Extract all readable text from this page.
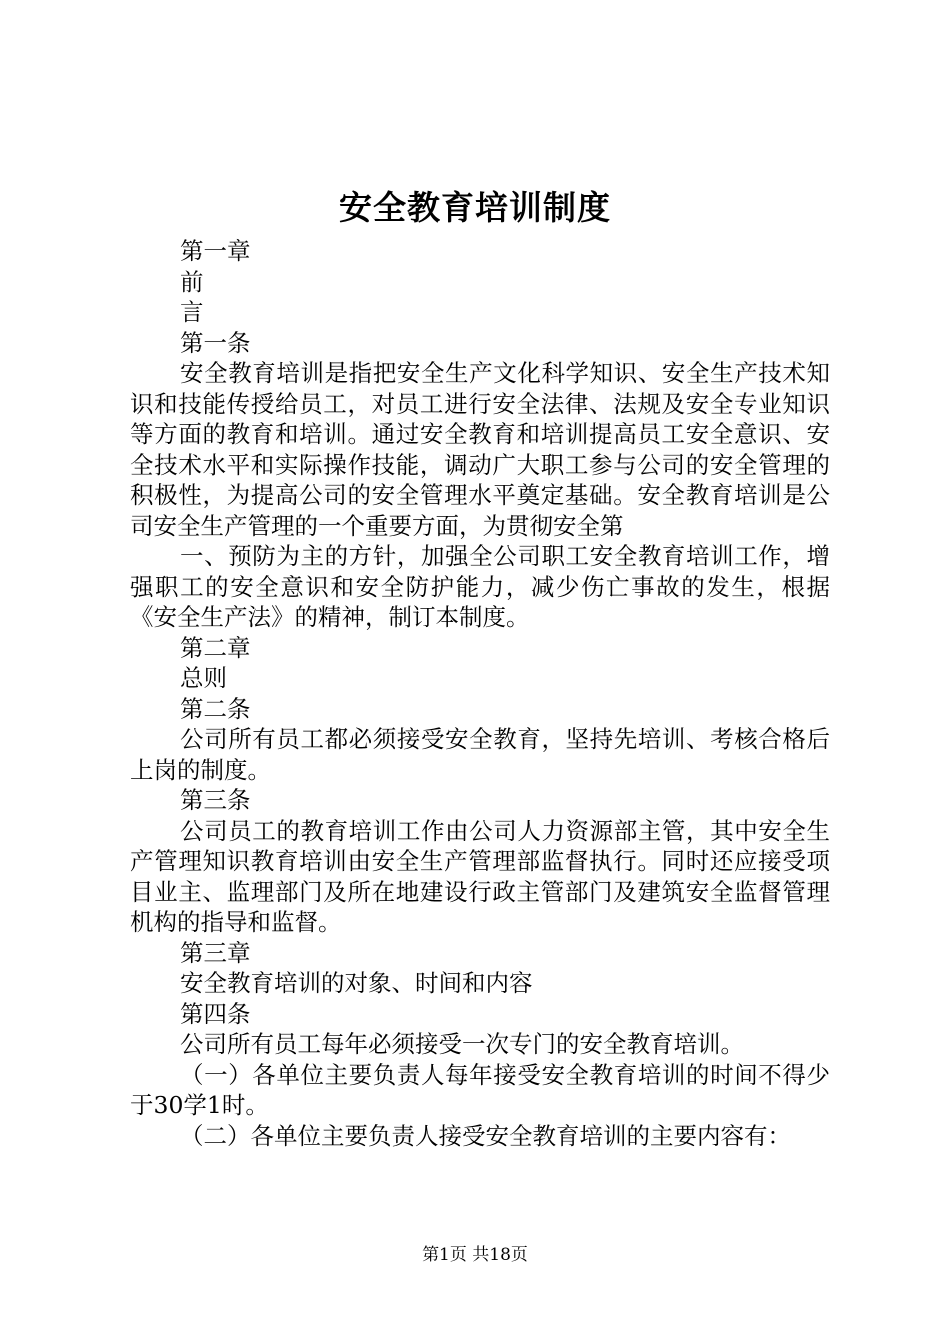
安全教育培训制度

第一章

前

言

第一条

安全教育培训是指把安全生产文化科学知识、安全生产技术知识和技能传授给员工，对员工进行安全法律、法规及安全专业知识等方面的教育和培训。通过安全教育和培训提高员工安全意识、安全技术水平和实际操作技能，调动广大职工参与公司的安全管理的积极性，为提高公司的安全管理水平奠定基础。安全教育培训是公司安全生产管理的一个重要方面，为贯彻安全第

一、预防为主的方针，加强全公司职工安全教育培训工作，增强职工的安全意识和安全防护能力，减少伤亡事故的发生，根据《安全生产法》的精神，制订本制度。

第二章

总则

第二条

公司所有员工都必须接受安全教育，坚持先培训、考核合格后上岗的制度。

第三条

公司员工的教育培训工作由公司人力资源部主管，其中安全生产管理知识教育培训由安全生产管理部监督执行。同时还应接受项目业主、监理部门及所在地建设行政主管部门及建筑安全监督管理机构的指导和监督。

第三章

安全教育培训的对象、时间和内容

第四条

公司所有员工每年必须接受一次专门的安全教育培训。

（一）各单位主要负责人每年接受安全教育培训的时间不得少于30学1时。

（二）各单位主要负责人接受安全教育培训的主要内容有：

第1页 共18页
